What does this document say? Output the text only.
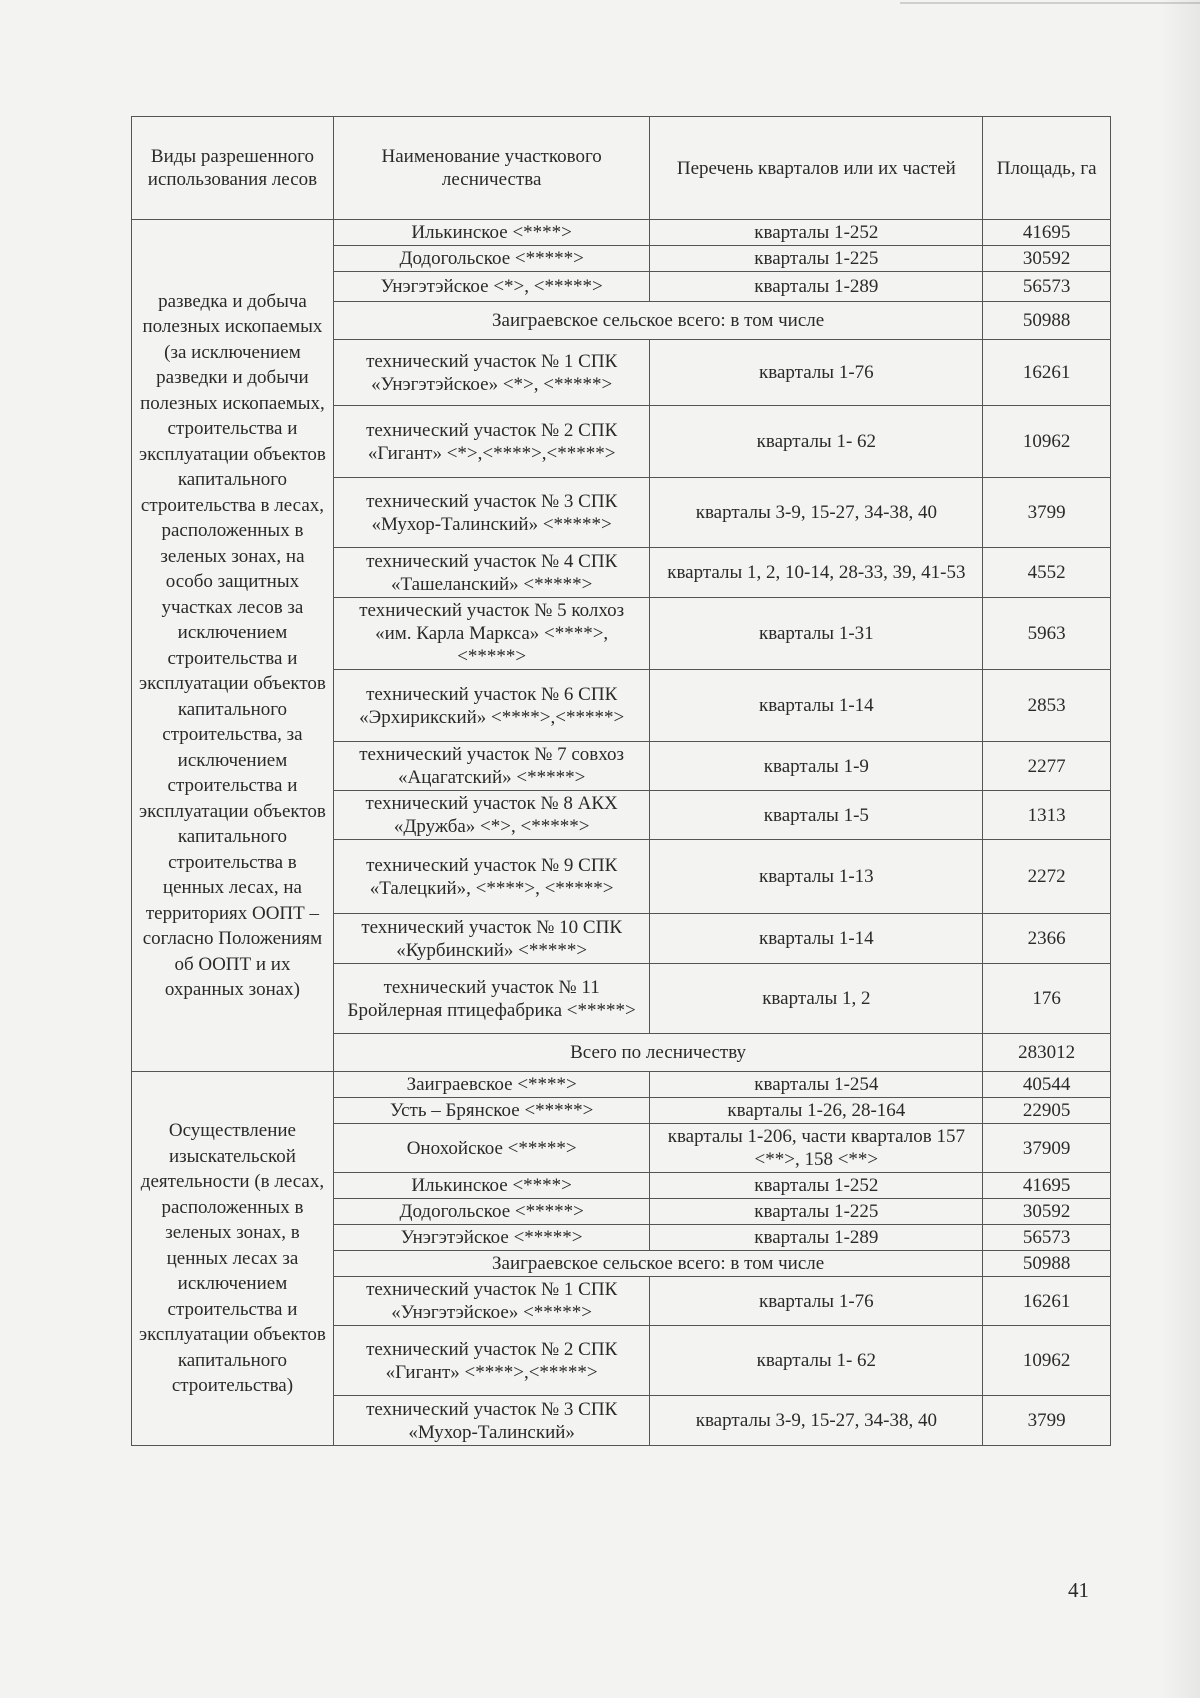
Виды разрешенного использования лесов	Наименование участкового лесничества	Перечень кварталов или их частей	Площадь, га
разведка и добыча полезных ископаемых (за исключением разведки и добычи полезных ископаемых, строительства и эксплуатации объектов капитального строительства в лесах, расположенных в зеленых зонах, на особо защитных участках лесов за исключением строительства и эксплуатации объектов капитального строительства, за исключением строительства и эксплуатации объектов капитального строительства в ценных лесах, на территориях ООПТ – согласно Положениям об ООПТ и их охранных зонах)	Илькинское <****>	кварталы 1-252	41695
	Додогольское <*****>	кварталы 1-225	30592
	Унэгэтэйское <*>, <*****>	кварталы 1-289	56573
	Заиграевское сельское всего: в том числе		50988
	технический участок № 1 СПК «Унэгэтэйское» <*>, <*****>	кварталы 1-76	16261
	технический участок № 2 СПК «Гигант» <*>,<****>,<*****>	кварталы 1- 62	10962
	технический участок № 3 СПК «Мухор-Талинский» <*****>	кварталы 3-9, 15-27, 34-38, 40	3799
	технический участок № 4 СПК «Ташеланский» <*****>	кварталы 1, 2, 10-14, 28-33, 39, 41-53	4552
	технический участок № 5 колхоз «им. Карла Маркса» <****>, <*****>	кварталы 1-31	5963
	технический участок № 6 СПК «Эрхирикский» <****>,<*****>	кварталы 1-14	2853
	технический участок № 7 совхоз «Ацагатский» <*****>	кварталы 1-9	2277
	технический участок № 8 АКХ «Дружба» <*>, <*****>	кварталы 1-5	1313
	технический участок № 9 СПК «Талецкий», <****>, <*****>	кварталы 1-13	2272
	технический участок № 10 СПК «Курбинский» <*****>	кварталы 1-14	2366
	технический участок № 11 Бройлерная птицефабрика <*****>	кварталы 1, 2	176
	Всего по лесничеству		283012
Осуществление изыскательской деятельности (в лесах, расположенных в зеленых зонах, в ценных лесах за исключением строительства и эксплуатации объектов капитального строительства)	Заиграевское <****>	кварталы 1-254	40544
	Усть – Брянское <*****>	кварталы 1-26, 28-164	22905
	Онохойское <*****>	кварталы 1-206, части кварталов 157 <**>, 158 <**>	37909
	Илькинское <****>	кварталы 1-252	41695
	Додогольское <*****>	кварталы 1-225	30592
	Унэгэтэйское <*****>	кварталы 1-289	56573
	Заиграевское сельское всего: в том числе		50988
	технический участок № 1 СПК «Унэгэтэйское» <*****>	кварталы 1-76	16261
	технический участок № 2 СПК «Гигант» <****>,<*****>	кварталы 1- 62	10962
	технический участок № 3 СПК «Мухор-Талинский»	кварталы 3-9, 15-27, 34-38, 40	3799
41
